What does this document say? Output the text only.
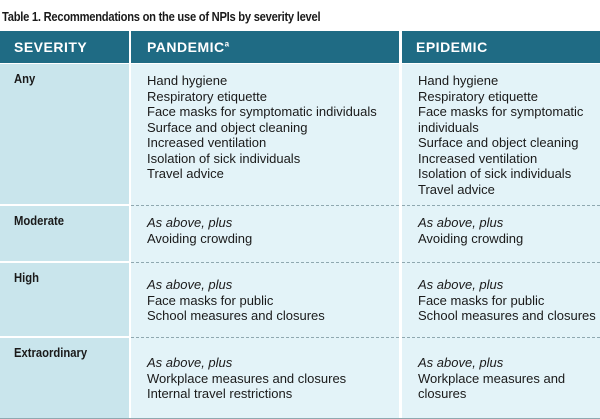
Table 1. Recommendations on the use of NPIs by severity level
SEVERITY	PANDEMIC$^a$	EPIDEMIC
Any
Moderate
High
Extraordinary
Hand hygiene
Respiratory etiquette
Face masks for symptomatic individuals
Surface and object cleaning
Increased ventilation
Isolation of sick individuals
Travel advice
Hand hygiene
Respiratory etiquette
Face masks for symptomatic
individuals
Surface and object cleaning
Increased ventilation
Isolation of sick individuals
Travel advice
As above, plus
Avoiding crowding
As above, plus
Avoiding crowding
As above, plus
Face masks for public
School measures and closures
As above, plus
Face masks for public
School measures and closures
As above, plus
Workplace measures and closures
Internal travel restrictions
As above, plus
Workplace measures and
closures
